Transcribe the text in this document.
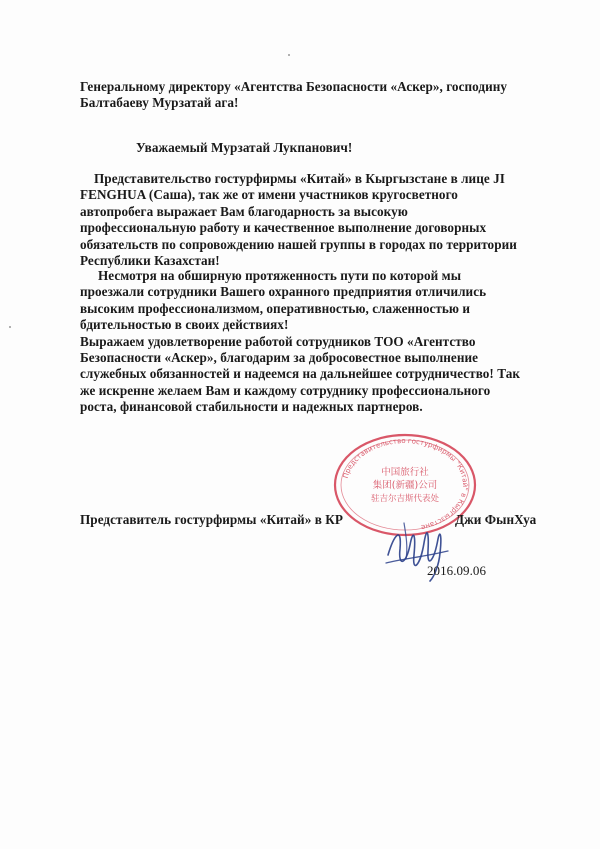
Генеральному директору «Агентства Безопасности «Аскер», господину
Балтабаеву Мурзатай ага!
Уважаемый Мурзатай Лукпанович!
Представительство гостурфирмы «Китай» в Кыргызстане в лице JI
FENGHUA (Саша), так же от имени участников кругосветного
автопробега выражает Вам благодарность за высокую
профессиональную работу и качественное выполнение договорных
обязательств по сопровождению нашей группы в городах по территории
Республики Казахстан!
Несмотря на обширную протяженность пути по которой мы
проезжали сотрудники Вашего охранного предприятия отличились
высоким профессионализмом, оперативностью, слаженностью и
бдительностью в своих действиях!
Выражаем удовлетворение работой сотрудников ТОО «Агентство
Безопасности «Аскер», благодарим за добросовестное выполнение
служебных обязанностей и надеемся на дальнейшее сотрудничество! Так
же искренне желаем Вам и каждому сотруднику профессионального
роста, финансовой стабильности и надежных партнеров.
Представительство гостурфирмы "Китай" в Кыргызстане
中国旅行社
集团(新疆)公司
驻吉尔吉斯代表处
Представитель гостурфирмы «Китай» в КР	Джи ФынХуа
2016.09.06
